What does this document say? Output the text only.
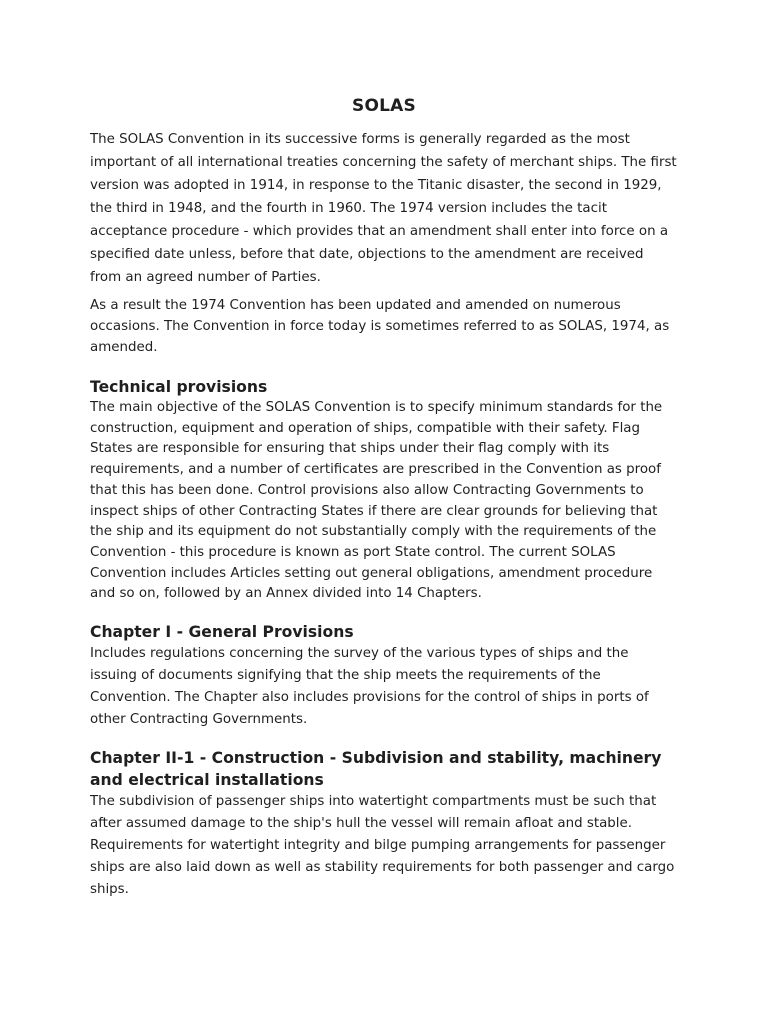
SOLAS

The SOLAS Convention in its successive forms is generally regarded as the most important of all international treaties concerning the safety of merchant ships. The first version was adopted in 1914, in response to the Titanic disaster, the second in 1929, the third in 1948, and the fourth in 1960. The 1974 version includes the tacit acceptance procedure - which provides that an amendment shall enter into force on a specified date unless, before that date, objections to the amendment are received from an agreed number of Parties.

As a result the 1974 Convention has been updated and amended on numerous occasions. The Convention in force today is sometimes referred to as SOLAS, 1974, as amended.

Technical provisions

The main objective of the SOLAS Convention is to specify minimum standards for the construction, equipment and operation of ships, compatible with their safety. Flag States are responsible for ensuring that ships under their flag comply with its requirements, and a number of certificates are prescribed in the Convention as proof that this has been done. Control provisions also allow Contracting Governments to inspect ships of other Contracting States if there are clear grounds for believing that the ship and its equipment do not substantially comply with the requirements of the Convention - this procedure is known as port State control. The current SOLAS Convention includes Articles setting out general obligations, amendment procedure and so on, followed by an Annex divided into 14 Chapters.

Chapter I - General Provisions

Includes regulations concerning the survey of the various types of ships and the issuing of documents signifying that the ship meets the requirements of the Convention. The Chapter also includes provisions for the control of ships in ports of other Contracting Governments.

Chapter II-1 - Construction - Subdivision and stability, machinery and electrical installations

The subdivision of passenger ships into watertight compartments must be such that after assumed damage to the ship's hull the vessel will remain afloat and stable. Requirements for watertight integrity and bilge pumping arrangements for passenger ships are also laid down as well as stability requirements for both passenger and cargo ships.
